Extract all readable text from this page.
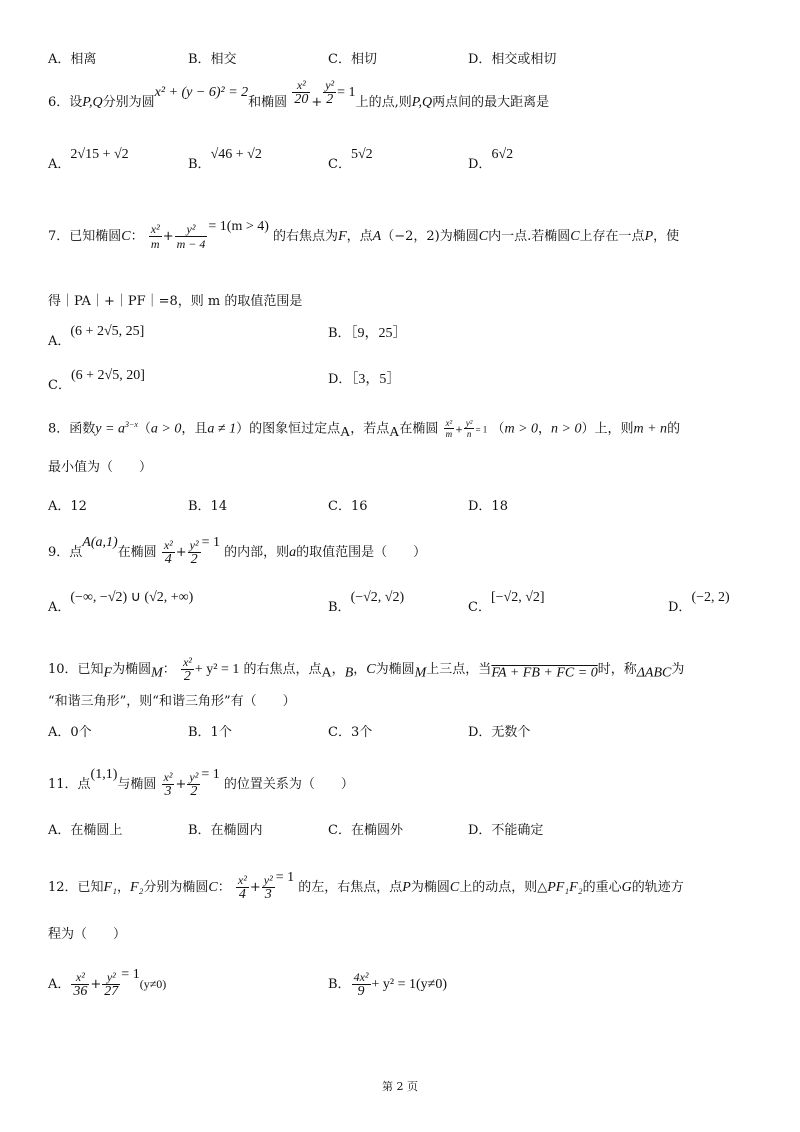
A．相离	B．相交	C．相切	D．相交或相切
6．设P,Q分别为圆x² + (y − 6)² = 2和椭圆 $\frac{\text{x²}}{20} + \frac{\text{y²}}{2} = 1$上的点,则P,Q两点间的最大距离是
A．2√15 + √2
B．√46 + √2
C．5√2
D．6√2
7．已知椭圆C： $\frac{\text{x²}}{m} + \frac{\text{y²}}{m - 4} = 1(m > 4)$ 的右焦点为F，点A（−2，2)为椭圆C内一点.若椭圆C上存在一点P，使
得｜PA｜+｜PF｜=8，则 m 的取值范围是
A．(6 + 2√5, 25]	B．［9，25］
C．(6 + 2√5, 20]	D．［3，5］
8．函数$y = a^{3-x}(a > 0$，且a ≠ 1）的图象恒过定点$_A$，若点$_A$在椭圆 $\frac{\text{x²}}{m} + \frac{\text{y²}}{n} = 1$ （m > 0，n > 0）上，则m + n的
最小值为（　　）
A．12	B．14	C．16	D．18
9．点A(a,1)在椭圆 $\frac{\text{x²}}{4} + \frac{\text{y²}}{2} = 1$ 的内部，则a的取值范围是（　　）
A．(−∞, −√2) ∪ (√2, +∞)
B．(−√2, √2)
C．[−√2, √2]
D．(−2, 2)
10．已知$_F$为椭圆$_M$： $\frac{\text{x²}}{2} + y^2 = 1$ 的右焦点，点$_A$，$_B$，C为椭圆$_M$上三点，当$_{FA + FB + FC = 0}$时，称$_{\Delta ABC}$为
“和谐三角形”，则“和谐三角形”有（　　）
A．0个	B．1个	C．3个	D．无数个
11．点(1,1)与椭圆 $\frac{\text{x²}}{3} + \frac{\text{y²}}{2} = 1$ 的位置关系为（　　）
A．在椭圆上	B．在椭圆内	C．在椭圆外	D．不能确定
12．已知F₁，F₂分别为椭圆C： $\frac{\text{x²}}{4} + \frac{\text{y²}}{3} = 1$ 的左，右焦点，点P为椭圆C上的动点，则△PF₁F₂的重心G的轨迹方
程为（　　）
A． $\frac{\text{x²}}{36} + \frac{\text{y²}}{27} = 1(y\ne 0)$	B． $\frac{\text{4x²}}{9} + y^2 = 1(y\ne 0)$
第 2 页
